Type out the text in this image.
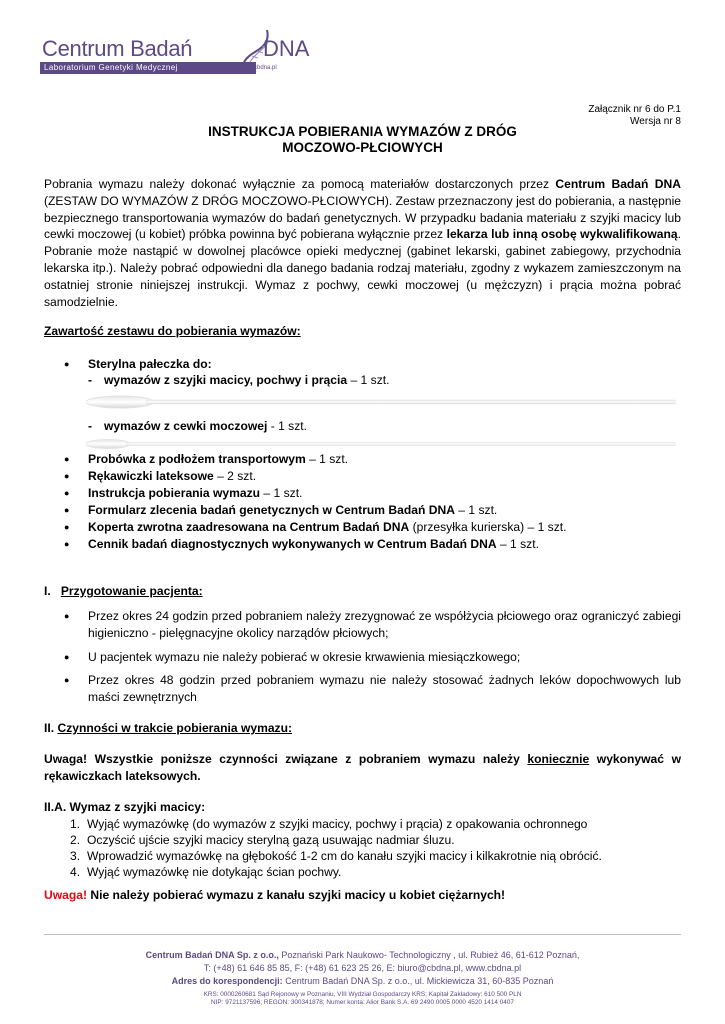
Centrum Badań	DNA
Laboratorium Genetyki Medycznej	cbdna.pl
Załącznik nr 6 do P.1
Wersja nr 8
INSTRUKCJA POBIERANIA WYMAZÓW Z DRÓG
MOCZOWO-PŁCIOWYCH
Pobrania wymazu należy dokonać wyłącznie za pomocą materiałów dostarczonych przez Centrum Badań DNA (ZESTAW DO WYMAZÓW Z DRÓG MOCZOWO-PŁCIOWYCH). Zestaw przeznaczony jest do pobierania, a następnie bezpiecznego transportowania wymazów do badań genetycznych. W przypadku badania materiału z szyjki macicy lub cewki moczowej (u kobiet) próbka powinna być pobierana wyłącznie przez lekarza lub inną osobę wykwalifikowaną. Pobranie może nastąpić w dowolnej placówce opieki medycznej (gabinet lekarski, gabinet zabiegowy, przychodnia lekarska itp.). Należy pobrać odpowiedni dla danego badania rodzaj materiału, zgodny z wykazem zamieszczonym na ostatniej stronie niniejszej instrukcji. Wymaz z pochwy, cewki moczowej (u mężczyzn) i prącia można pobrać samodzielnie.
Zawartość zestawu do pobierania wymazów:
● Sterylna pałeczka do:
- wymazów z szyjki macicy, pochwy i prącia – 1 szt.
- wymazów z cewki moczowej - 1 szt.
● Probówka z podłożem transportowym – 1 szt.
● Rękawiczki lateksowe – 2 szt.
● Instrukcja pobierania wymazu – 1 szt.
● Formularz zlecenia badań genetycznych w Centrum Badań DNA – 1 szt.
● Koperta zwrotna zaadresowana na Centrum Badań DNA (przesyłka kurierska) – 1 szt.
● Cennik badań diagnostycznych wykonywanych w Centrum Badań DNA – 1 szt.
I. Przygotowanie pacjenta:
● Przez okres 24 godzin przed pobraniem należy zrezygnować ze współżycia płciowego oraz ograniczyć zabiegi higieniczno - pielęgnacyjne okolicy narządów płciowych;
● U pacjentek wymazu nie należy pobierać w okresie krwawienia miesiączkowego;
● Przez okres 48 godzin przed pobraniem wymazu nie należy stosować żadnych leków dopochwowych lub maści zewnętrznych
II. Czynności w trakcie pobierania wymazu:
Uwaga! Wszystkie poniższe czynności związane z pobraniem wymazu należy koniecznie wykonywać w rękawiczkach lateksowych.
II.A. Wymaz z szyjki macicy:
1. Wyjąć wymazówkę (do wymazów z szyjki macicy, pochwy i prącia) z opakowania ochronnego
2. Oczyścić ujście szyjki macicy sterylną gazą usuwając nadmiar śluzu.
3. Wprowadzić wymazówkę na głębokość 1-2 cm do kanału szyjki macicy i kilkakrotnie nią obrócić.
4. Wyjąć wymazówkę nie dotykając ścian pochwy.
Uwaga! Nie należy pobierać wymazu z kanału szyjki macicy u kobiet ciężarnych!
Centrum Badań DNA Sp. z o.o., Poznański Park Naukowo- Technologiczny , ul. Rubież 46, 61-612 Poznań,
T: (+48) 61 646 85 85, F: (+48) 61 623 25 26, E: biuro@cbdna.pl, www.cbdna.pl
Adres do korespondencji: Centrum Badań DNA Sp. z o.o., ul. Mickiewicza 31, 60-835 Poznań
KRS: 0000260681 Sąd Rejonowy w Poznaniu, VIII Wydział Gospodarczy KRS; Kapitał Zakładowy: 610 500 PLN
NIP: 9721137596; REGON: 300341878; Numer konta: Alior Bank S.A. 69 2490 0005 0000 4520 1414 0407
